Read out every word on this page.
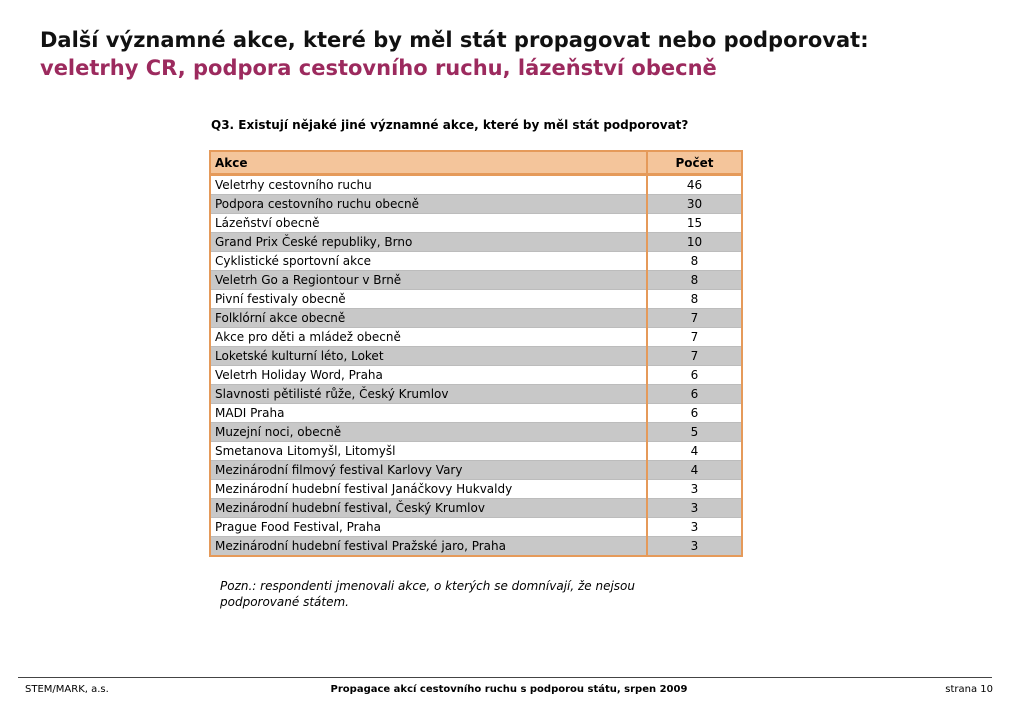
Další významné akce, které by měl stát propagovat nebo podporovat:
veletrhy CR, podpora cestovního ruchu, lázeňství obecně
Q3. Existují nějaké jiné významné akce, které by měl stát podporovat?
Akce	Počet
Veletrhy cestovního ruchu	46
Podpora cestovního ruchu obecně	30
Lázeňství obecně	15
Grand Prix České republiky, Brno	10
Cyklistické sportovní akce	8
Veletrh Go a Regiontour v Brně	8
Pivní festivaly obecně	8
Folklórní akce obecně	7
Akce pro děti a mládež obecně	7
Loketské kulturní léto, Loket	7
Veletrh Holiday Word, Praha	6
Slavnosti pětilisté růže, Český Krumlov	6
MADI Praha	6
Muzejní noci, obecně	5
Smetanova Litomyšl, Litomyšl	4
Mezinárodní filmový festival Karlovy Vary	4
Mezinárodní hudební festival Janáčkovy Hukvaldy	3
Mezinárodní hudební festival, Český Krumlov	3
Prague Food Festival, Praha	3
Mezinárodní hudební festival Pražské jaro, Praha	3
Pozn.: respondenti jmenovali akce, o kterých se domnívají, že nejsou podporované státem.
Propagace akcí cestovního ruchu s podporou státu, srpen 2009
STEM/MARK, a.s.	strana 10
